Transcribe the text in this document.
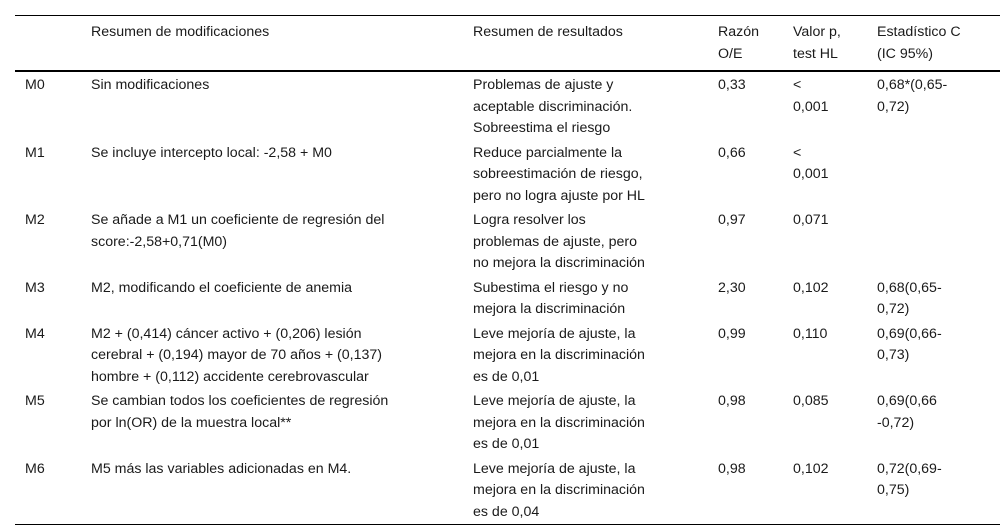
	Resumen de modificaciones	Resumen de resultados	Razón
O/E	Valor p,
test HL	Estadístico C
(IC 95%)

M0	Sin modificaciones	Problemas de ajuste y
aceptable discriminación.
Sobreestima el riesgo	0,33	<
0,001	0,68*(0,65-
0,72)

M1	Se incluye intercepto local: -2,58 + M0	Reduce parcialmente la
sobreestimación de riesgo,
pero no logra ajuste por HL	0,66	<
0,001	

M2	Se añade a M1 un coeficiente de regresión del
score:-2,58+0,71(M0)	Logra resolver los
problemas de ajuste, pero
no mejora la discriminación	0,97	0,071	

M3	M2, modificando el coeficiente de anemia	Subestima el riesgo y no
mejora la discriminación	2,30	0,102	0,68(0,65-
0,72)

M4	M2 + (0,414) cáncer activo + (0,206) lesión
cerebral + (0,194) mayor de 70 años + (0,137)
hombre + (0,112) accidente cerebrovascular	Leve mejoría de ajuste, la
mejora en la discriminación
es de 0,01	0,99	0,110	0,69(0,66-
0,73)

M5	Se cambian todos los coeficientes de regresión
por ln(OR) de la muestra local**	Leve mejoría de ajuste, la
mejora en la discriminación
es de 0,01	0,98	0,085	0,69(0,66
-0,72)

M6	M5 más las variables adicionadas en M4.	Leve mejoría de ajuste, la
mejora en la discriminación
es de 0,04	0,98	0,102	0,72(0,69-
0,75)
